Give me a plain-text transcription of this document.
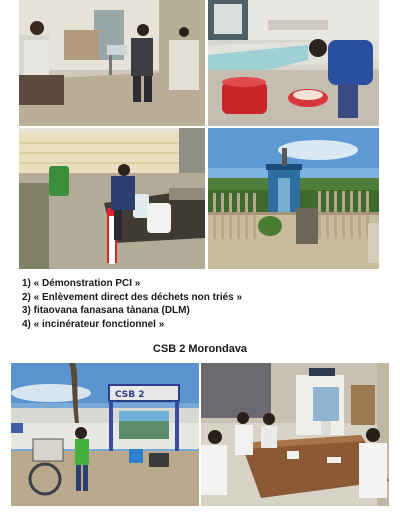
1) « Démonstration PCI »
2) « Enlèvement direct des déchets non triés »
3) fitaovana fanasana tànana (DLM)
4) « incinérateur fonctionnel »
CSB 2 Morondava
CSB 2
